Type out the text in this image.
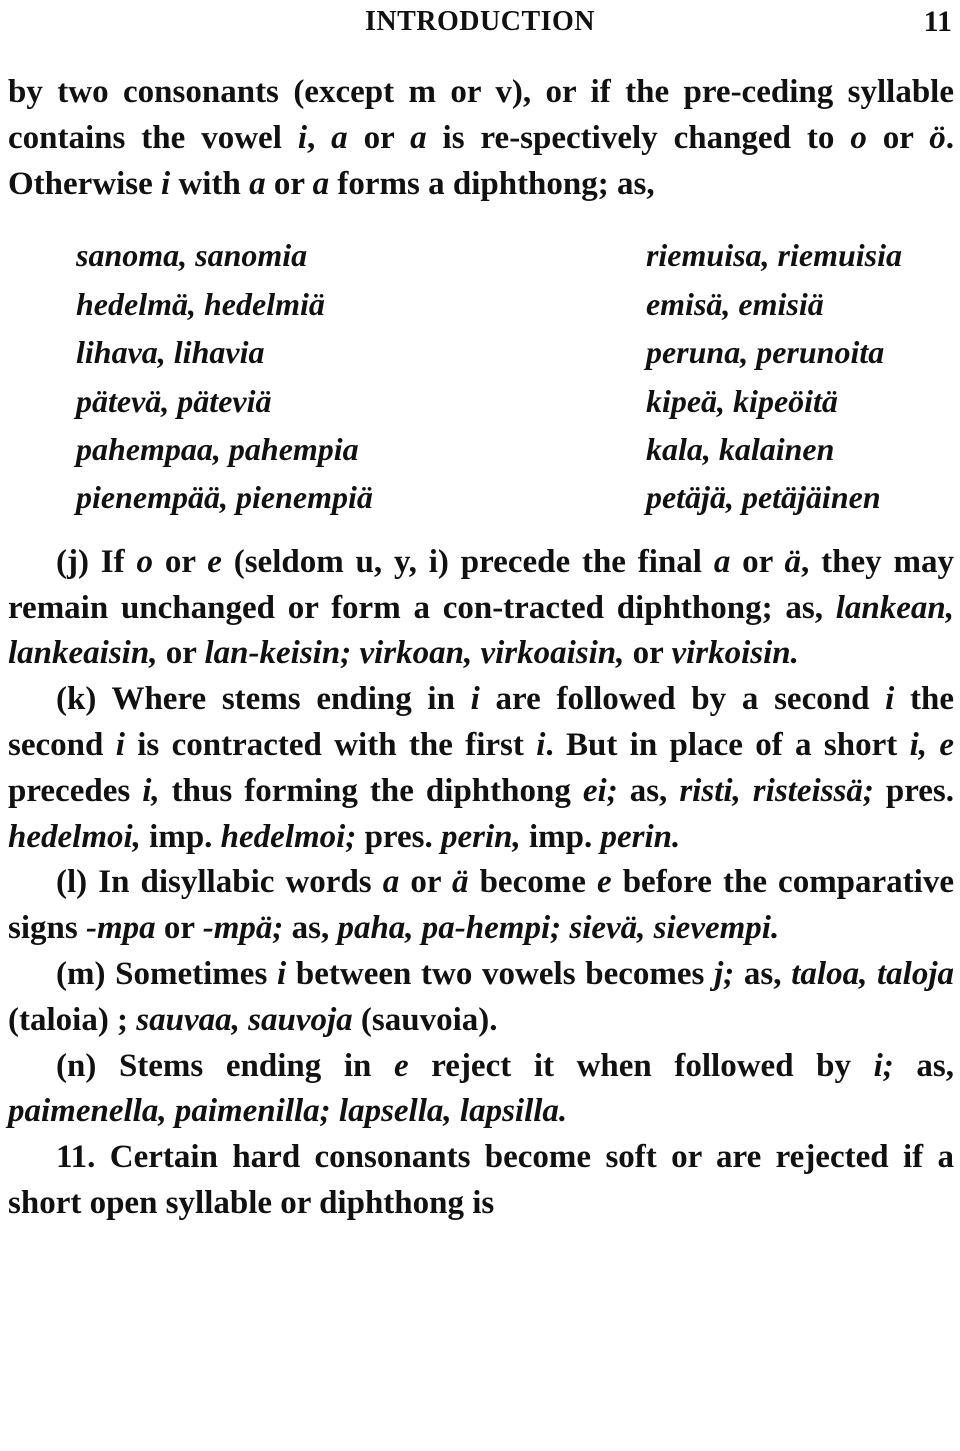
INTRODUCTION	11

by two consonants (except m or v), or if the pre-ceding syllable contains the vowel i, a or a is re-spectively changed to o or ö. Otherwise i with a or a forms a diphthong; as,

sanoma, sanomia
hedelmä, hedelmiä
lihava, lihavia
pätevä, päteviä
pahempaa, pahempia
pienempää, pienempiä
riemuisa, riemuisia
emisä, emisiä
peruna, perunoita
kipeä, kipeöitä
kala, kalainen
petäjä, petäjäinen

(j) If o or e (seldom u, y, i) precede the final a or ä, they may remain unchanged or form a con-tracted diphthong; as, lankean, lankeaisin, or lan-keisin; virkoan, virkoaisin, or virkoisin.

(k) Where stems ending in i are followed by a second i the second i is contracted with the first i. But in place of a short i, e precedes i, thus forming the diphthong ei; as, risti, risteissä; pres. hedelmoi, imp. hedelmoi; pres. perin, imp. perin.

(l) In disyllabic words a or ä become e before the comparative signs -mpa or -mpä; as, paha, pa-hempi; sievä, sievempi.

(m) Sometimes i between two vowels becomes j; as, taloa, taloja (taloia) ; sauvaa, sauvoja (sauvoia).

(n) Stems ending in e reject it when followed by i; as, paimenella, paimenilla; lapsella, lapsilla.

11. Certain hard consonants become soft or are rejected if a short open syllable or diphthong is
